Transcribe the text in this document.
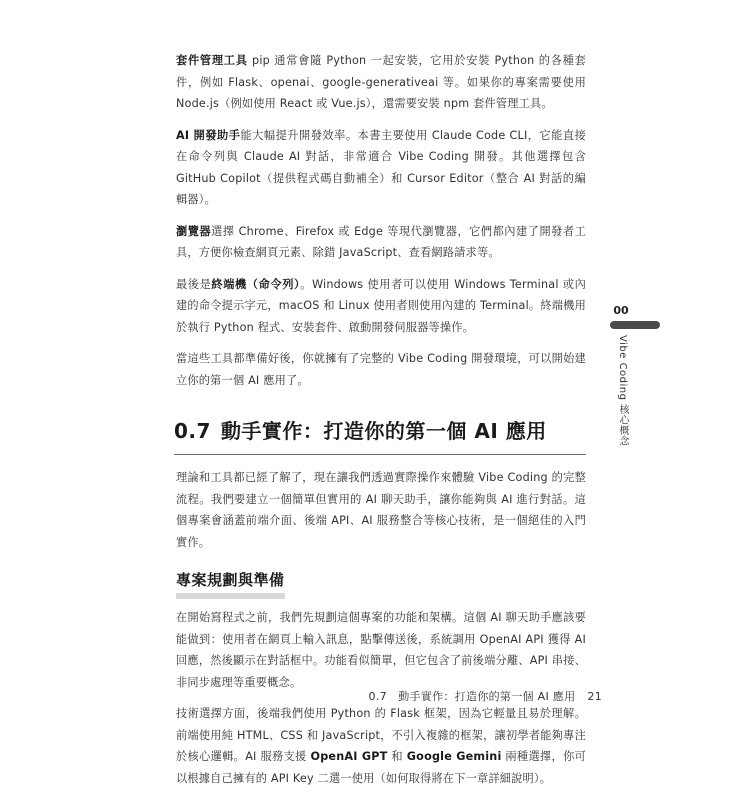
套件管理工具 pip 通常會隨 Python 一起安裝，它用於安裝 Python 的各種套件，例如 Flask、openai、google-generativeai 等。如果你的專案需要使用 Node.js（例如使用 React 或 Vue.js），還需要安裝 npm 套件管理工具。

AI 開發助手能大幅提升開發效率。本書主要使用 Claude Code CLI，它能直接在命令列與 Claude AI 對話，非常適合 Vibe Coding 開發。其他選擇包含 GitHub Copilot（提供程式碼自動補全）和 Cursor Editor（整合 AI 對話的編輯器）。

瀏覽器選擇 Chrome、Firefox 或 Edge 等現代瀏覽器，它們都內建了開發者工具，方便你檢查網頁元素、除錯 JavaScript、查看網路請求等。

最後是終端機（命令列）。Windows 使用者可以使用 Windows Terminal 或內建的命令提示字元，macOS 和 Linux 使用者則使用內建的 Terminal。終端機用於執行 Python 程式、安裝套件、啟動開發伺服器等操作。

當這些工具都準備好後，你就擁有了完整的 Vibe Coding 開發環境，可以開始建立你的第一個 AI 應用了。

0.7 動手實作：打造你的第一個 AI 應用

理論和工具都已經了解了，現在讓我們透過實際操作來體驗 Vibe Coding 的完整流程。我們要建立一個簡單但實用的 AI 聊天助手，讓你能夠與 AI 進行對話。這個專案會涵蓋前端介面、後端 API、AI 服務整合等核心技術，是一個絕佳的入門實作。

專案規劃與準備

在開始寫程式之前，我們先規劃這個專案的功能和架構。這個 AI 聊天助手應該要能做到：使用者在網頁上輸入訊息，點擊傳送後，系統調用 OpenAI API 獲得 AI 回應，然後顯示在對話框中。功能看似簡單，但它包含了前後端分離、API 串接、非同步處理等重要概念。

技術選擇方面，後端我們使用 Python 的 Flask 框架，因為它輕量且易於理解。前端使用純 HTML、CSS 和 JavaScript，不引入複雜的框架，讓初學者能夠專注於核心邏輯。AI 服務支援 OpenAI GPT 和 Google Gemini 兩種選擇，你可以根據自己擁有的 API Key 二選一使用（如何取得將在下一章詳細說明）。

00
Vibe Coding 核心概念
0.7　動手實作：打造你的第一個 AI 應用 21
